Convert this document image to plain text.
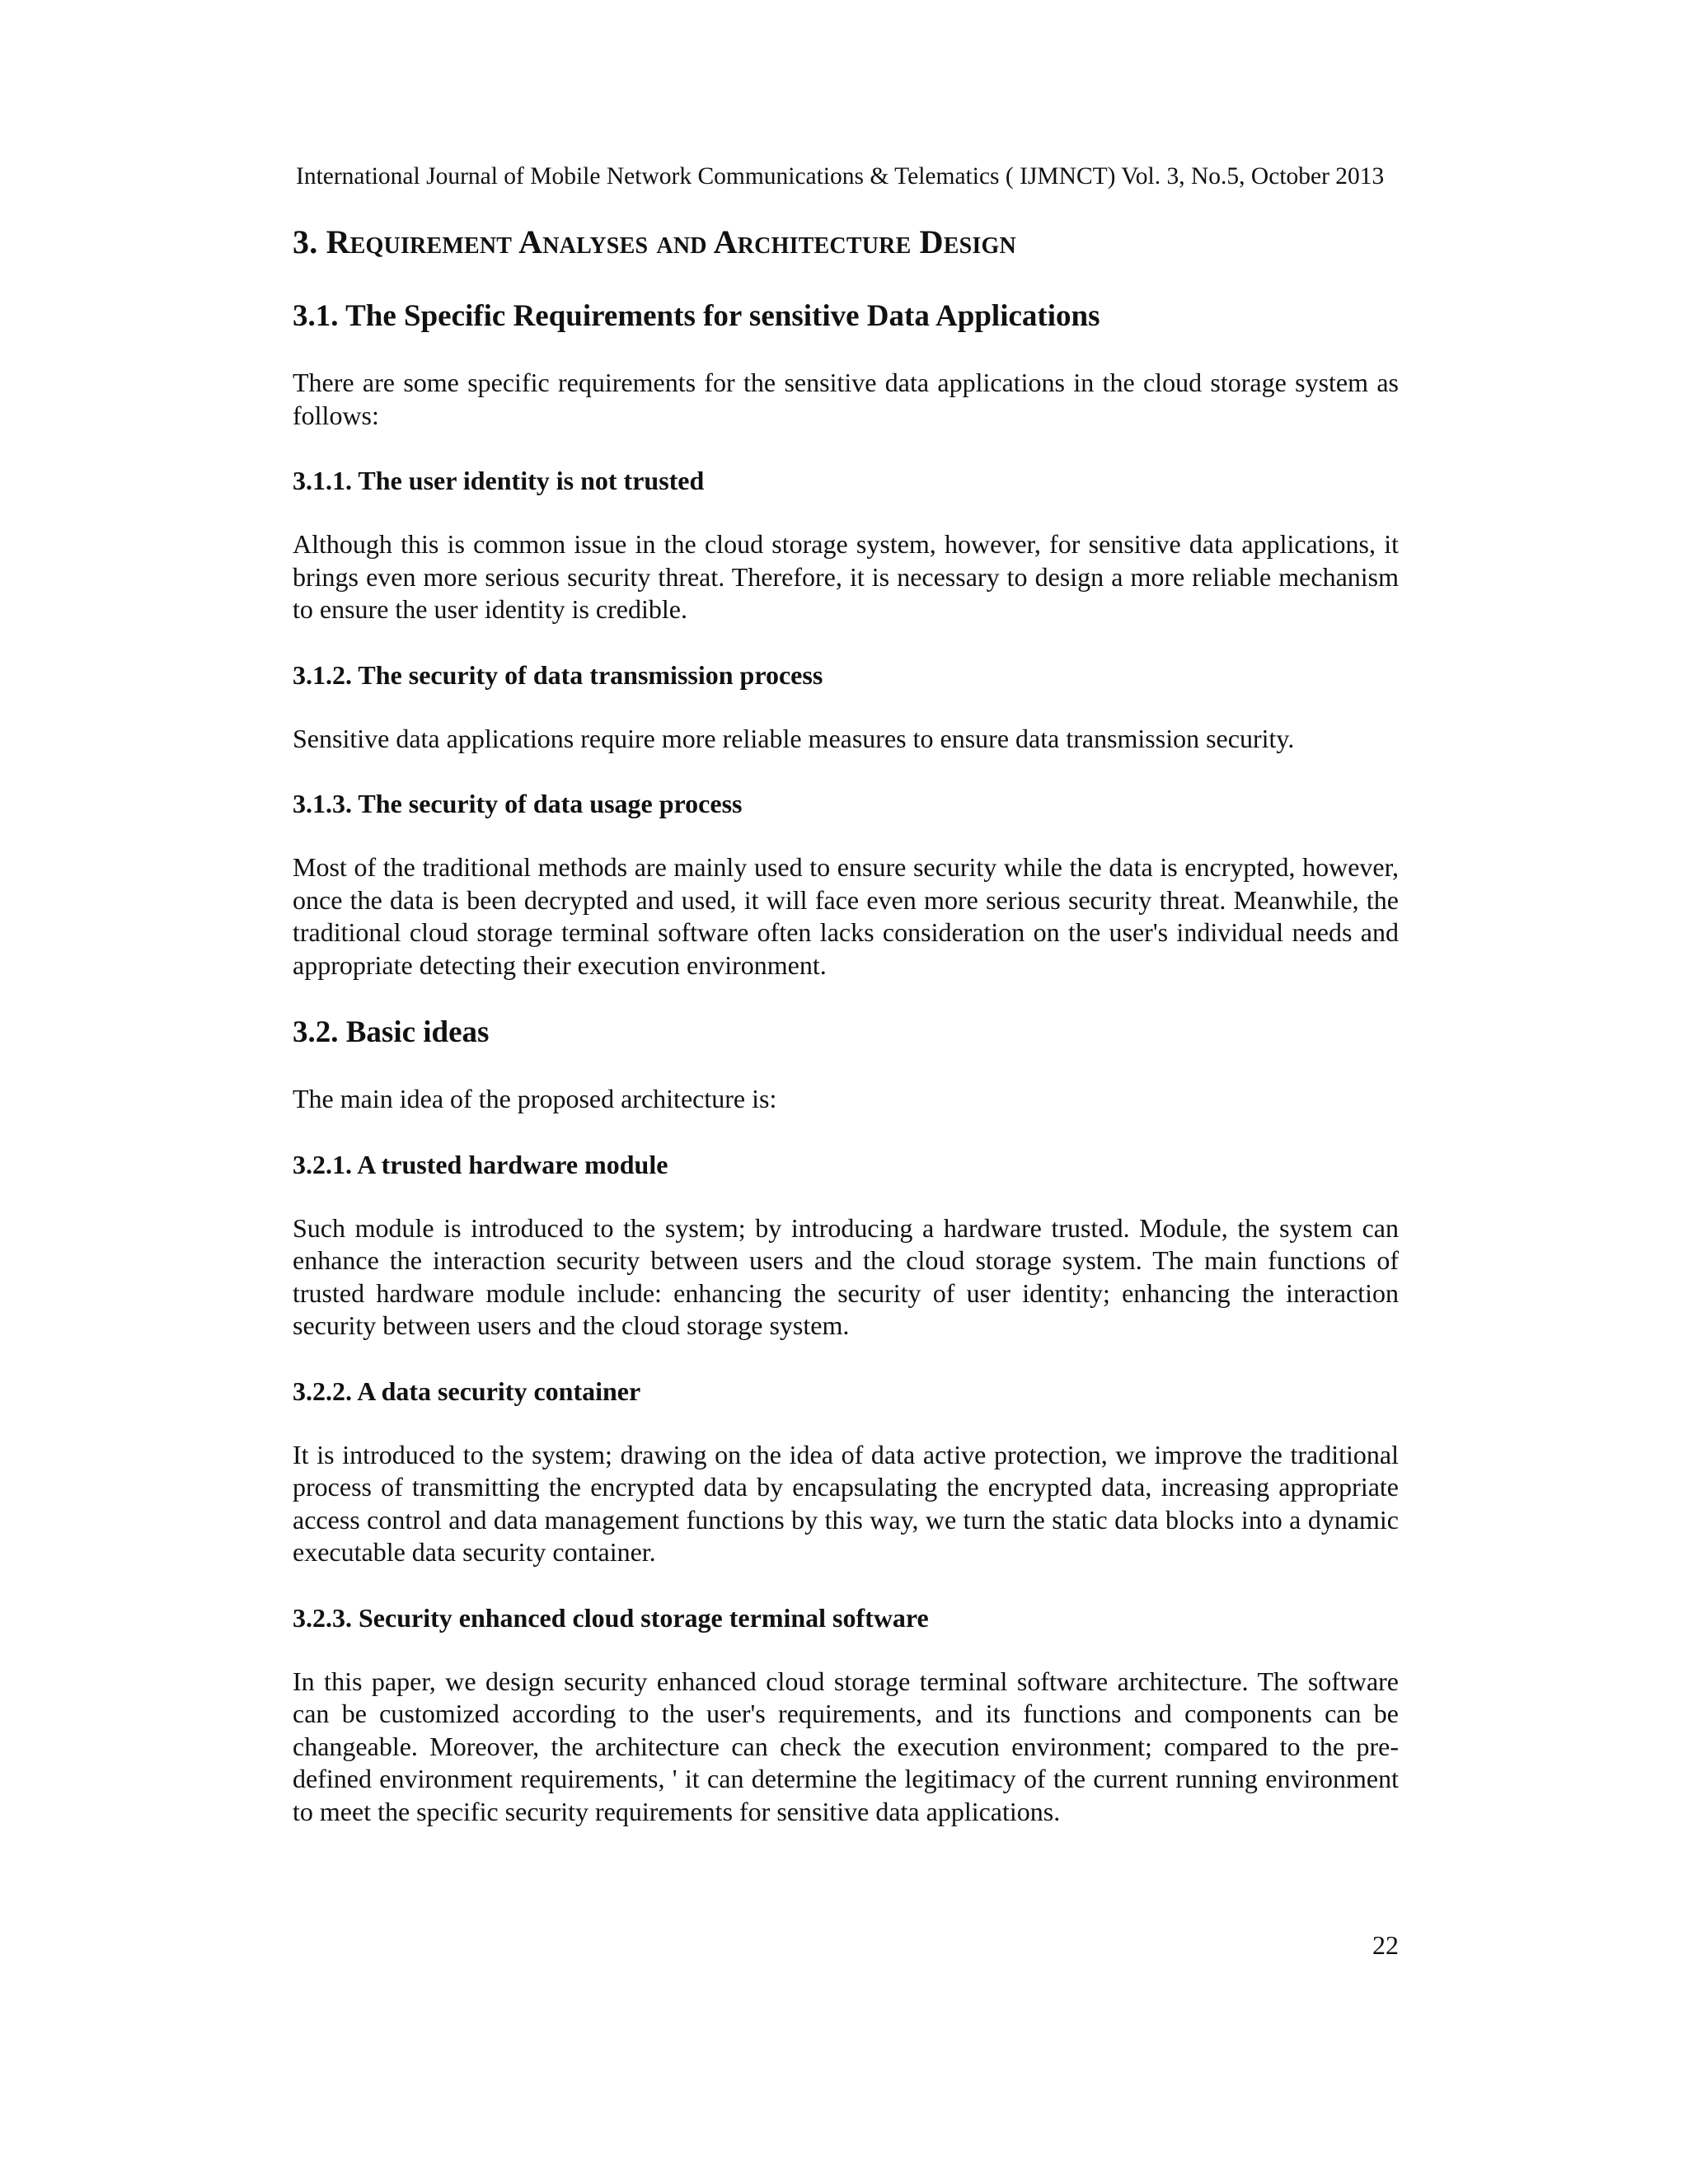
International Journal of Mobile Network Communications & Telematics ( IJMNCT) Vol. 3, No.5, October 2013
3. Requirement Analyses and Architecture Design
3.1. The Specific Requirements for sensitive Data Applications

There are some specific requirements for the sensitive data applications in the cloud storage system as follows:

3.1.1. The user identity is not trusted

Although this is common issue in the cloud storage system, however, for sensitive data applications, it brings even more serious security threat. Therefore, it is necessary to design a more reliable mechanism to ensure the user identity is credible.

3.1.2. The security of data transmission process

Sensitive data applications require more reliable measures to ensure data transmission security.

3.1.3. The security of data usage process

Most of the traditional methods are mainly used to ensure security while the data is encrypted, however, once the data is been decrypted and used, it will face even more serious security threat. Meanwhile, the traditional cloud storage terminal software often lacks consideration on the user's individual needs and appropriate detecting their execution environment.

3.2. Basic ideas

The main idea of the proposed architecture is:

3.2.1. A trusted hardware module

Such module is introduced to the system; by introducing a hardware trusted. Module, the system can enhance the interaction security between users and the cloud storage system. The main functions of trusted hardware module include: enhancing the security of user identity; enhancing the interaction security between users and the cloud storage system.

3.2.2. A data security container

It is introduced to the system; drawing on the idea of data active protection, we improve the traditional process of transmitting the encrypted data by encapsulating the encrypted data, increasing appropriate access control and data management functions by this way, we turn the static data blocks into a dynamic executable data security container.

3.2.3. Security enhanced cloud storage terminal software

In this paper, we design security enhanced cloud storage terminal software architecture. The software can be customized according to the user's requirements, and its functions and components can be changeable. Moreover, the architecture can check the execution environment; compared to the pre-defined environment requirements, ' it can determine the legitimacy of the current running environment to meet the specific security requirements for sensitive data applications.

22
